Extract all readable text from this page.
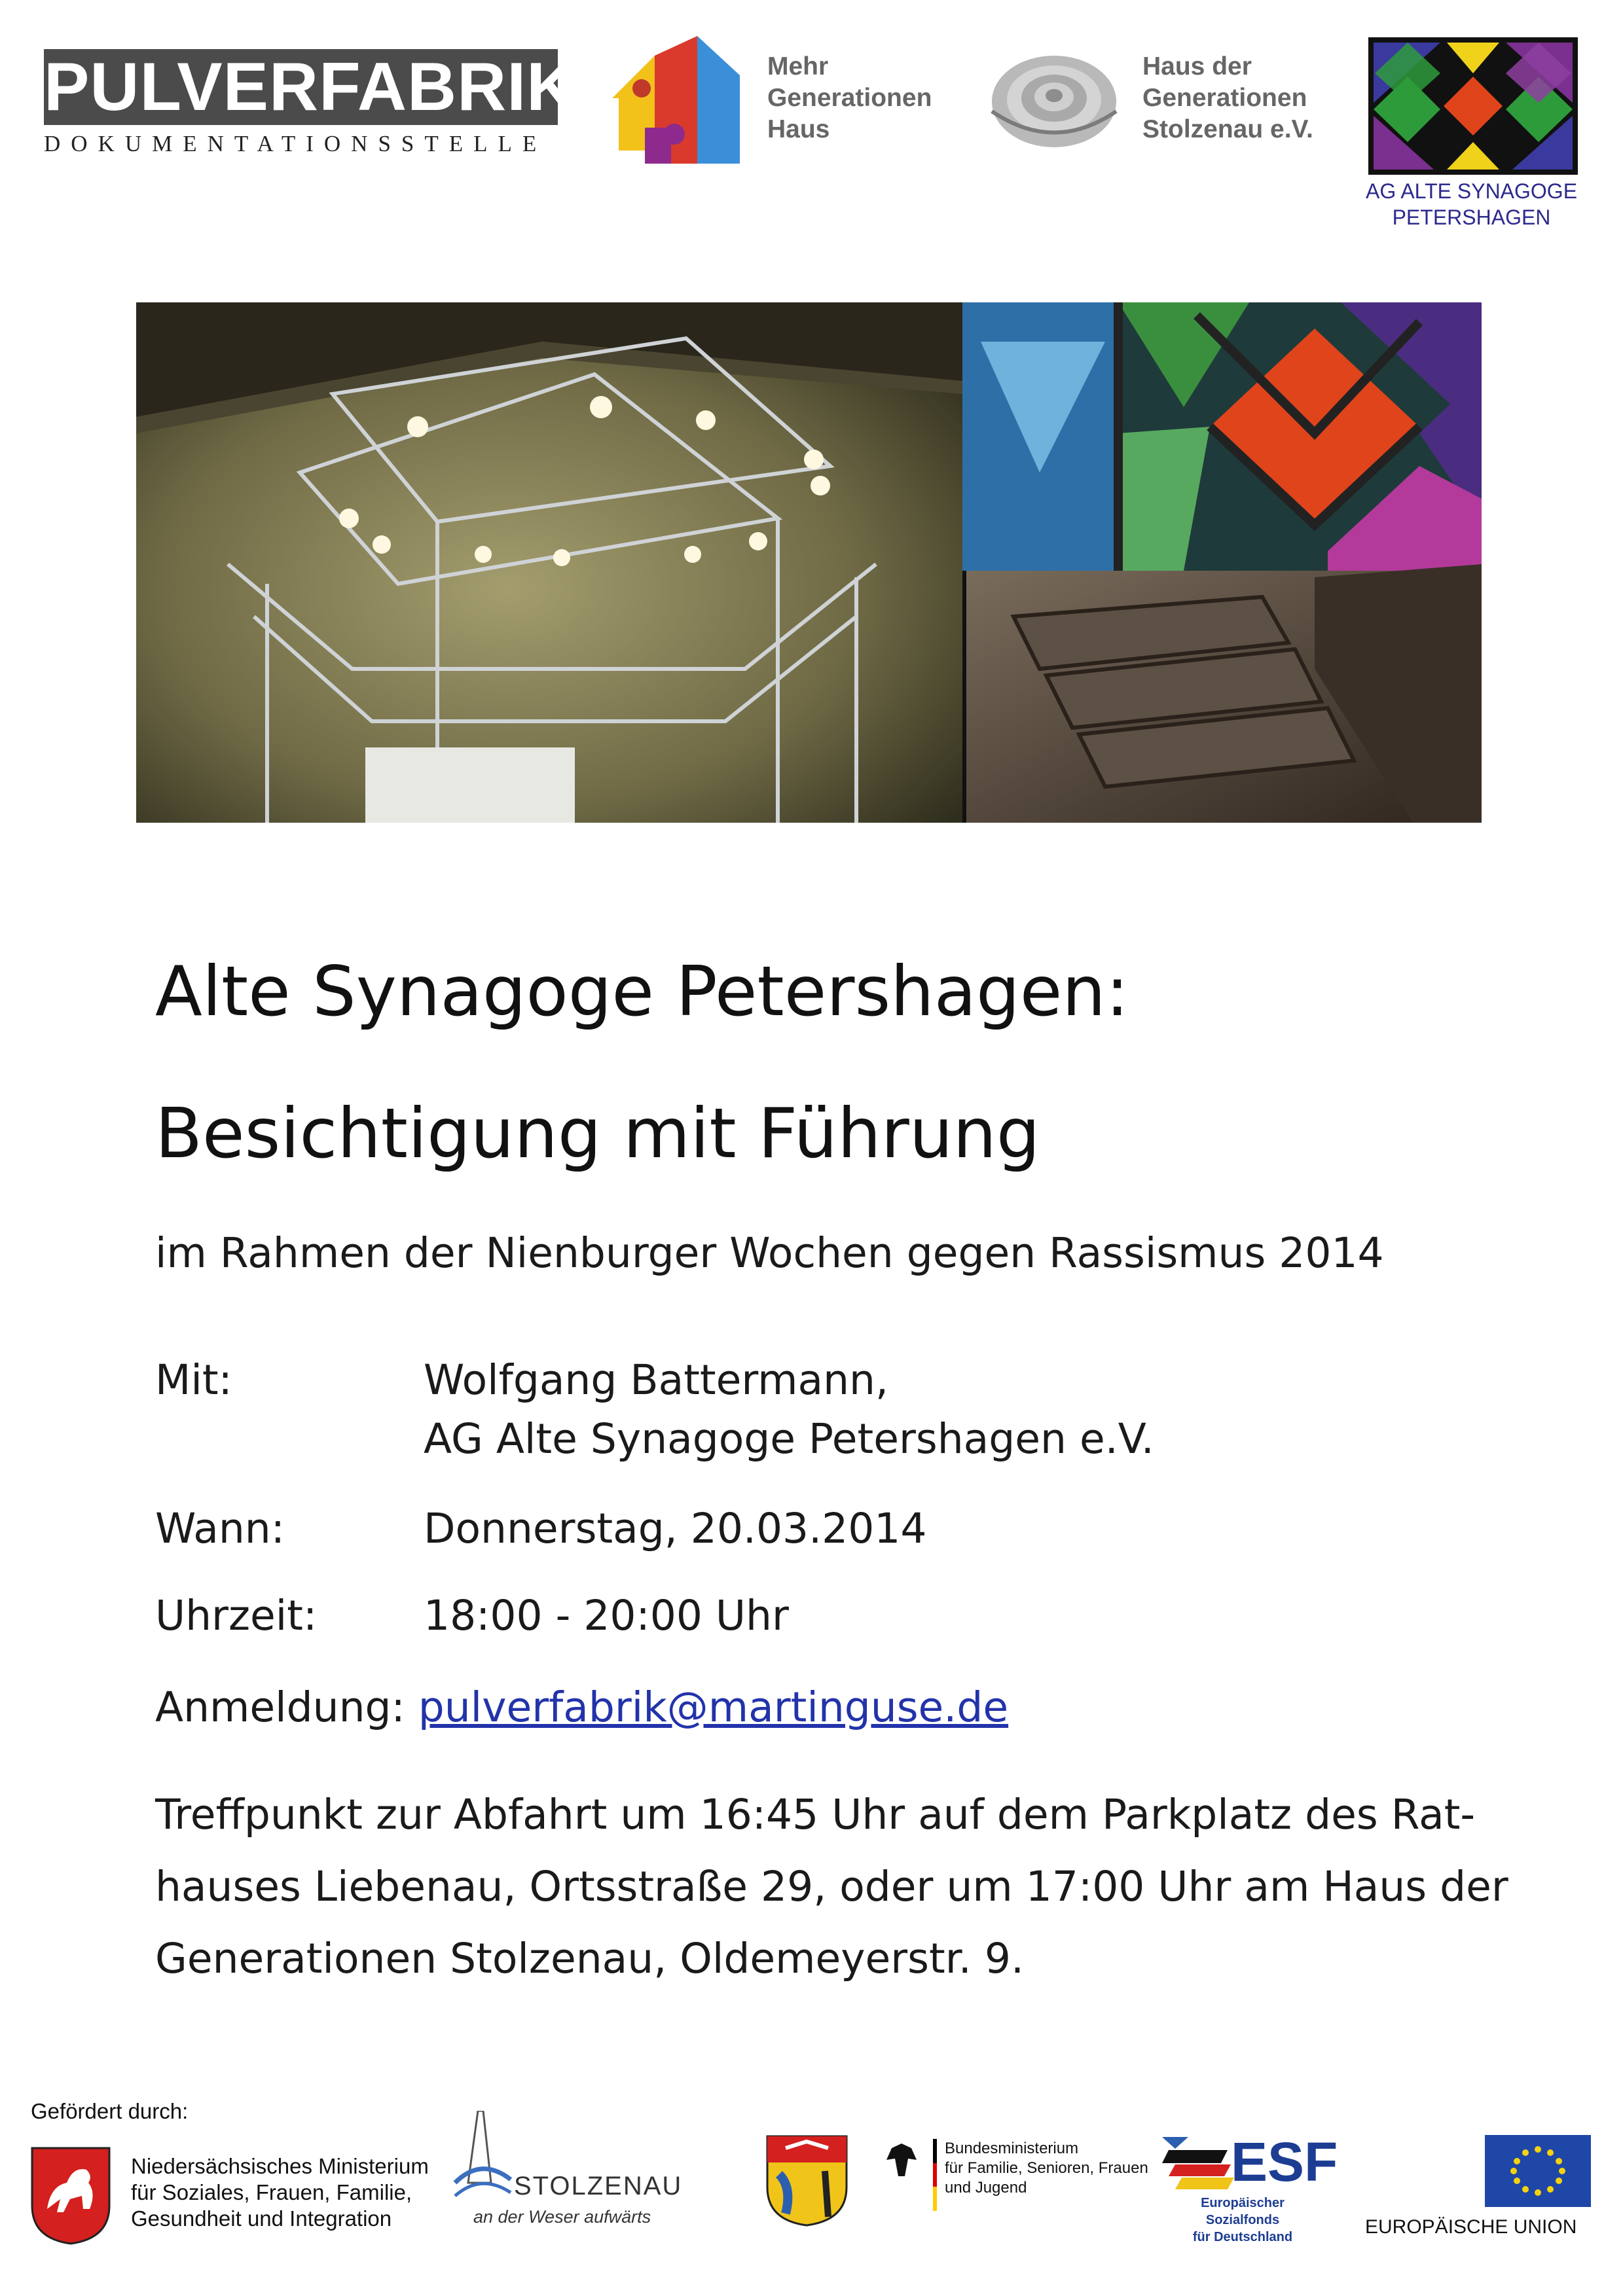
PULVERFABRIK
DOKUMENTATIONSSTELLE
Mehr
Generationen
Haus
Haus der
Generationen
Stolzenau e.V.
AG ALTE SYNAGOGE
PETERSHAGEN
Alte Synagoge Petershagen:
Besichtigung mit Führung
im Rahmen der Nienburger Wochen gegen Rassismus 2014
Mit:	Wolfgang Battermann,
AG Alte Synagoge Petershagen e.V.
Wann:	Donnerstag, 20.03.2014
Uhrzeit:	18:00 - 20:00 Uhr
Anmeldung: pulverfabrik@martinguse.de
Treffpunkt zur Abfahrt um 16:45 Uhr auf dem Parkplatz des Rat-
hauses Liebenau, Ortsstraße 29, oder um 17:00 Uhr am Haus der
Generationen Stolzenau, Oldemeyerstr. 9.
Gefördert durch:
Niedersächsisches Ministerium
für Soziales, Frauen, Familie,
Gesundheit und Integration
STOLZENAU
an der Weser aufwärts
Bundesministerium
für Familie, Senioren, Frauen
und Jugend	ESF
Europäischer Sozialfonds
für Deutschland	EUROPÄISCHE UNION
